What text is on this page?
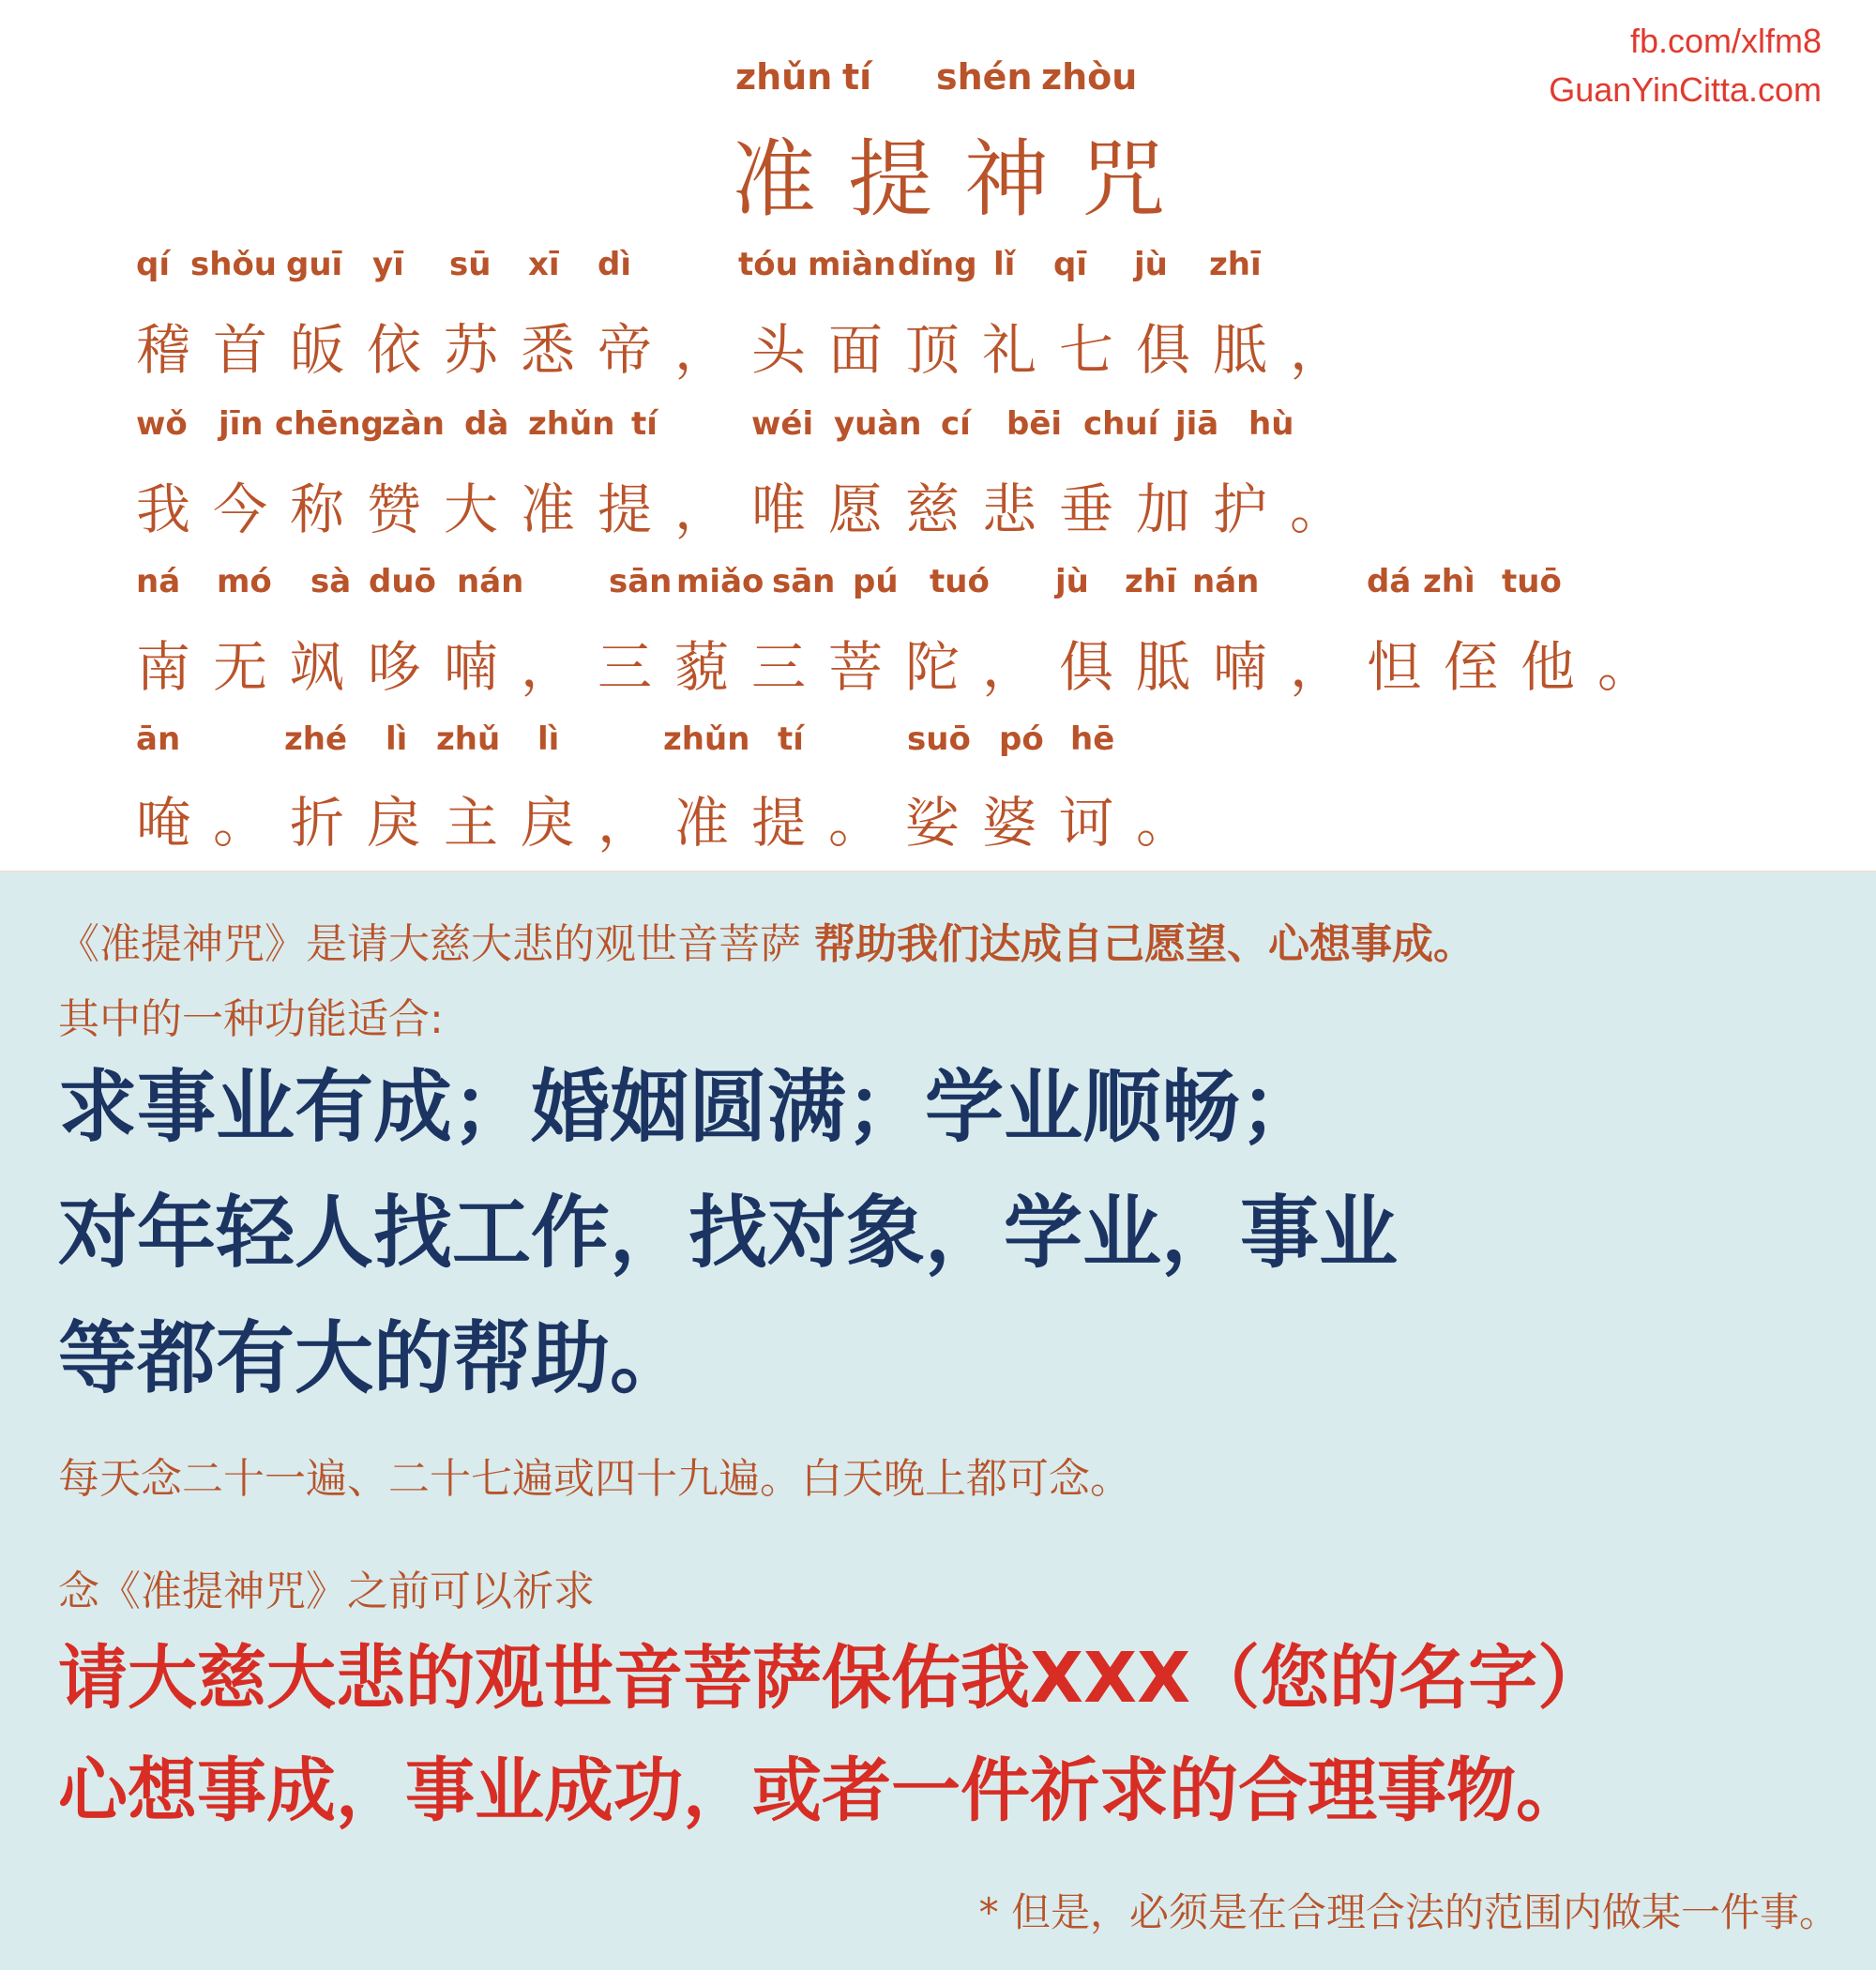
fb.com/xlfm8
GuanYinCitta.com
zhǔn tí shén zhòu
准提神咒
qí shǒu guī yī sū xī dì	tóu miàn dǐng lǐ qī jù zhī
稽首皈依苏悉帝，头面顶礼七俱胝，
wǒ jīn chēng
zàn dà zhǔn tí	wéi yuàn cí bēi chuí jiā hù
我今称赞大准提，唯愿慈悲垂加护。
ná mó sà duō nán	sān miǎo sān pú tuó jù zhī nán	dá zhì tuō
南无飒哆喃，三藐三菩陀，俱胝喃，怛侄他。
ān	zhé lì zhǔ lì	zhǔn tí	suō pó hē
唵。折戾主戾，准提。娑婆诃。
《准提神咒》是请大慈大悲的观世音菩萨 帮助我们达成自己愿望、心想事成。
其中的一种功能适合:
求事业有成；婚姻圆满；学业顺畅；
对年轻人找工作，找对象，学业，事业
等都有大的帮助。
每天念二十一遍、二十七遍或四十九遍。白天晚上都可念。
念《准提神咒》之前可以祈求
请大慈大悲的观世音菩萨保佑我XXX（您的名字）
心想事成，事业成功，或者一件祈求的合理事物。
* 但是，必须是在合理合法的范围内做某一件事。
